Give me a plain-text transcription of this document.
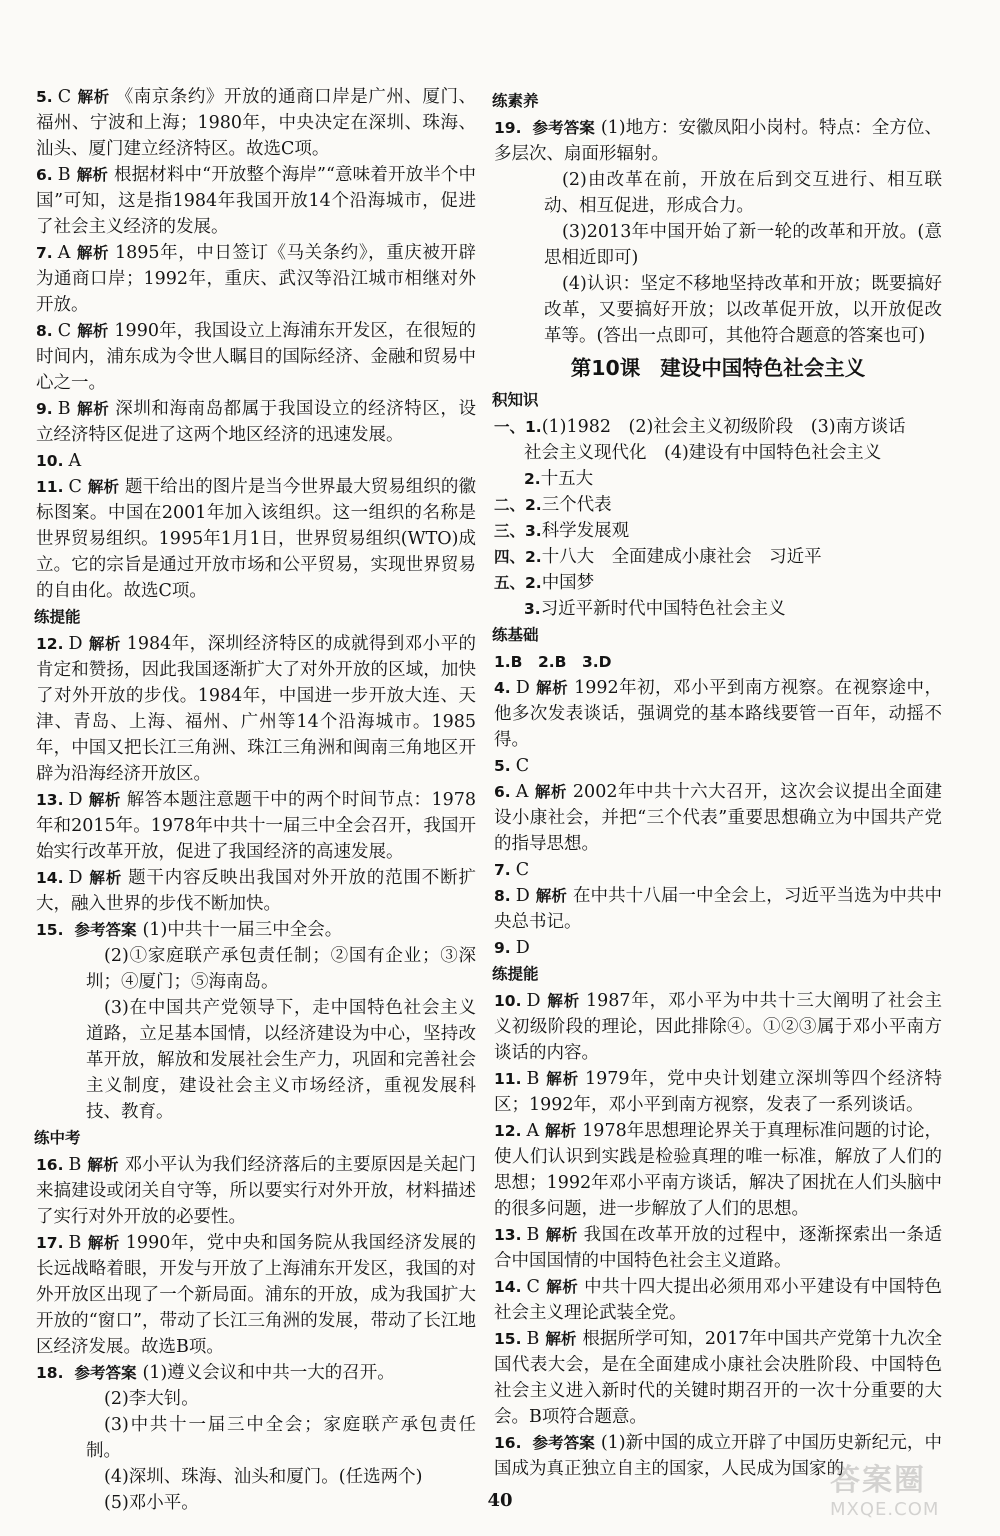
5. C 解析 《南京条约》开放的通商口岸是广州、厦门、福州、宁波和上海；1980年，中央决定在深圳、珠海、汕头、厦门建立经济特区。故选C项。
6. B 解析 根据材料中“开放整个海岸”“意味着开放半个中国”可知，这是指1984年我国开放14个沿海城市，促进了社会主义经济的发展。
7. A 解析 1895年，中日签订《马关条约》，重庆被开辟为通商口岸；1992年，重庆、武汉等沿江城市相继对外开放。
8. C 解析 1990年，我国设立上海浦东开发区，在很短的时间内，浦东成为令世人瞩目的国际经济、金融和贸易中心之一。
9. B 解析 深圳和海南岛都属于我国设立的经济特区，设立经济特区促进了这两个地区经济的迅速发展。
10. A
11. C 解析 题干给出的图片是当今世界最大贸易组织的徽标图案。中国在2001年加入该组织。这一组织的名称是世界贸易组织。1995年1月1日，世界贸易组织(WTO)成立。它的宗旨是通过开放市场和公平贸易，实现世界贸易的自由化。故选C项。
练提能
12. D 解析 1984年，深圳经济特区的成就得到邓小平的肯定和赞扬，因此我国逐渐扩大了对外开放的区域，加快了对外开放的步伐。1984年，中国进一步开放大连、天津、青岛、上海、福州、广州等14个沿海城市。1985年，中国又把长江三角洲、珠江三角洲和闽南三角地区开辟为沿海经济开放区。
13. D 解析 解答本题注意题干中的两个时间节点：1978年和2015年。1978年中共十一届三中全会召开，我国开始实行改革开放，促进了我国经济的高速发展。
14. D 解析 题干内容反映出我国对外开放的范围不断扩大，融入世界的步伐不断加快。
15. 参考答案 (1)中共十一届三中全会。
(2)①家庭联产承包责任制；②国有企业；③深圳；④厦门；⑤海南岛。
(3)在中国共产党领导下，走中国特色社会主义道路，立足基本国情，以经济建设为中心，坚持改革开放，解放和发展社会生产力，巩固和完善社会主义制度，建设社会主义市场经济，重视发展科技、教育。
练中考
16. B 解析 邓小平认为我们经济落后的主要原因是关起门来搞建设或闭关自守等，所以要实行对外开放，材料描述了实行对外开放的必要性。
17. B 解析 1990年，党中央和国务院从我国经济发展的长远战略着眼，开发与开放了上海浦东开发区，我国的对外开放区出现了一个新局面。浦东的开放，成为我国扩大开放的“窗口”，带动了长江三角洲的发展，带动了长江地区经济发展。故选B项。
18. 参考答案 (1)遵义会议和中共一大的召开。
(2)李大钊。
(3)中共十一届三中全会；家庭联产承包责任制。
(4)深圳、珠海、汕头和厦门。(任选两个)
(5)邓小平。
练素养
19. 参考答案 (1)地方：安徽凤阳小岗村。特点：全方位、多层次、扇面形辐射。
(2)由改革在前，开放在后到交互进行、相互联动、相互促进，形成合力。
(3)2013年中国开始了新一轮的改革和开放。(意思相近即可)
(4)认识：坚定不移地坚持改革和开放；既要搞好改革，又要搞好开放；以改革促开放，以开放促改革等。(答出一点即可，其他符合题意的答案也可)
第10课 建设中国特色社会主义
积知识
一、1.(1)1982　(2)社会主义初级阶段　(3)南方谈话
社会主义现代化　(4)建设有中国特色社会主义
2.十五大
二、2.三个代表
三、3.科学发展观
四、2.十八大　全面建成小康社会　习近平
五、2.中国梦
3.习近平新时代中国特色社会主义
练基础
1.B　2.B　3.D
4. D 解析 1992年初，邓小平到南方视察。在视察途中，他多次发表谈话，强调党的基本路线要管一百年，动摇不得。
5. C
6. A 解析 2002年中共十六大召开，这次会议提出全面建设小康社会，并把“三个代表”重要思想确立为中国共产党的指导思想。
7. C
8. D 解析 在中共十八届一中全会上，习近平当选为中共中央总书记。
9. D
练提能
10. D 解析 1987年，邓小平为中共十三大阐明了社会主义初级阶段的理论，因此排除④。①②③属于邓小平南方谈话的内容。
11. B 解析 1979年，党中央计划建立深圳等四个经济特区；1992年，邓小平到南方视察，发表了一系列谈话。
12. A 解析 1978年思想理论界关于真理标准问题的讨论，使人们认识到实践是检验真理的唯一标准，解放了人们的思想；1992年邓小平南方谈话，解决了困扰在人们头脑中的很多问题，进一步解放了人们的思想。
13. B 解析 我国在改革开放的过程中，逐渐探索出一条适合中国国情的中国特色社会主义道路。
14. C 解析 中共十四大提出必须用邓小平建设有中国特色社会主义理论武装全党。
15. B 解析 根据所学可知，2017年中国共产党第十九次全国代表大会，是在全面建成小康社会决胜阶段、中国特色社会主义进入新时代的关键时期召开的一次十分重要的大会。B项符合题意。
16. 参考答案 (1)新中国的成立开辟了中国历史新纪元，中国成为真正独立自主的国家，人民成为国家的
40
答案圈
MXQE.COM
